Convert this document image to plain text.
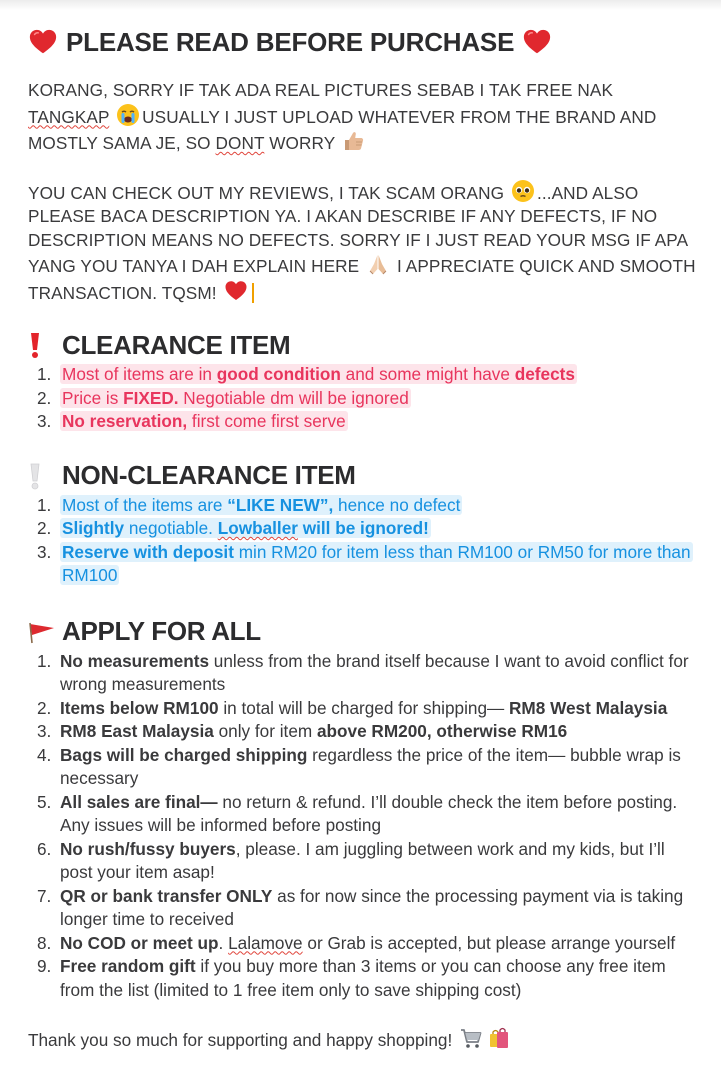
PLEASE READ BEFORE PURCHASE

KORANG, SORRY IF TAK ADA REAL PICTURES SEBAB I TAK FREE NAK TANGKAP USUALLY I JUST UPLOAD WHATEVER FROM THE BRAND AND MOSTLY SAMA JE, SO DONT WORRY

YOU CAN CHECK OUT MY REVIEWS, I TAK SCAM ORANG ...AND ALSO PLEASE BACA DESCRIPTION YA. I AKAN DESCRIBE IF ANY DEFECTS, IF NO DESCRIPTION MEANS NO DEFECTS. SORRY IF I JUST READ YOUR MSG IF APA YANG YOU TANYA I DAH EXPLAIN HERE  I APPRECIATE QUICK AND SMOOTH TRANSACTION. TQSM!

CLEARANCE ITEM
1. Most of items are in good condition and some might have defects
2. Price is FIXED. Negotiable dm will be ignored
3. No reservation, first come first serve
NON-CLEARANCE ITEM
1. Most of the items are “LIKE NEW”, hence no defect
2. Slightly negotiable. Lowballer will be ignored!
3. Reserve with deposit min RM20 for item less than RM100 or RM50 for more than RM100
APPLY FOR ALL
1. No measurements unless from the brand itself because I want to avoid conflict for wrong measurements
2. Items below RM100 in total will be charged for shipping— RM8 West Malaysia
3. RM8 East Malaysia only for item above RM200, otherwise RM16
4. Bags will be charged shipping regardless the price of the item— bubble wrap is necessary
5. All sales are final— no return & refund. I’ll double check the item before posting. Any issues will be informed before posting
6. No rush/fussy buyers, please. I am juggling between work and my kids, but I’ll post your item asap!
7. QR or bank transfer ONLY as for now since the processing payment via is taking longer time to received
8. No COD or meet up. Lalamove or Grab is accepted, but please arrange yourself
9. Free random gift if you buy more than 3 items or you can choose any free item from the list (limited to 1 free item only to save shipping cost)

Thank you so much for supporting and happy shopping!
